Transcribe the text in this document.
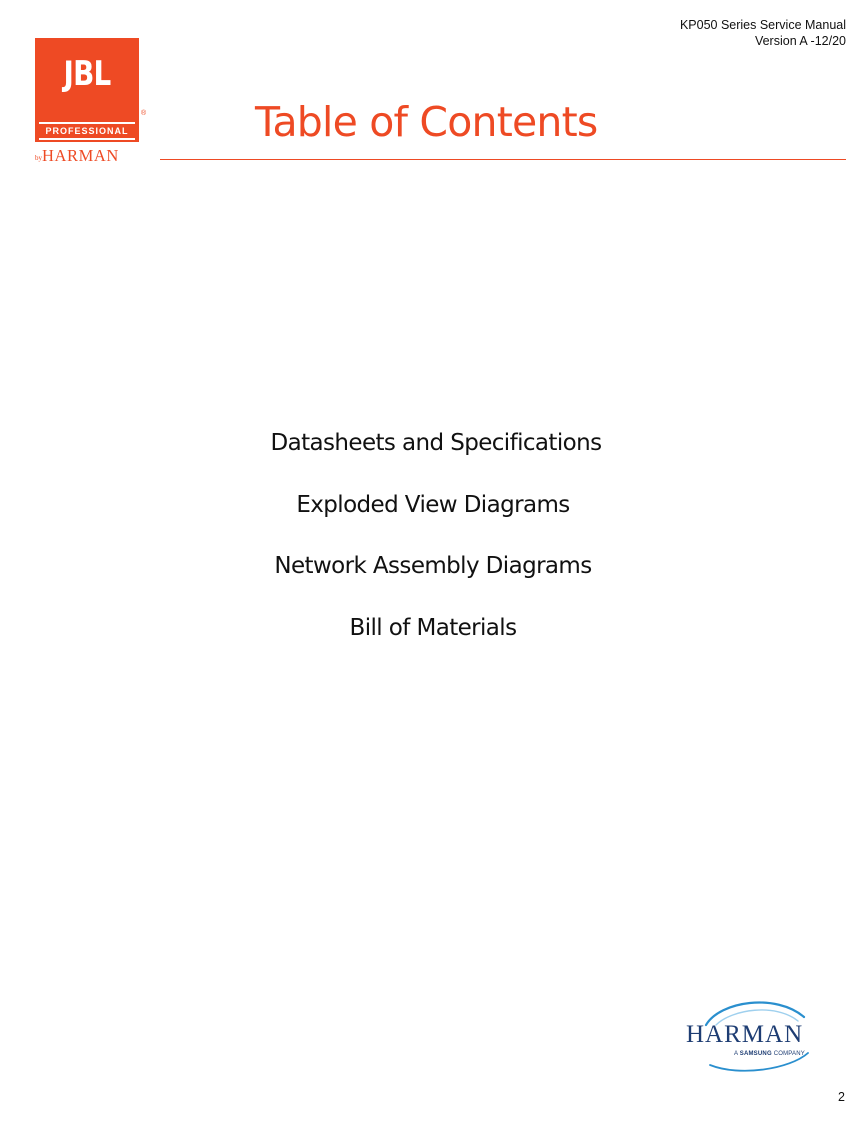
KP050 Series Service Manual
Version A -12/20
JBL
PROFESSIONAL
®
byHARMAN
Table of Contents
Datasheets and Specifications
Exploded View Diagrams
Network Assembly Diagrams
Bill of Materials
HARMAN
A SAMSUNG COMPANY
2
